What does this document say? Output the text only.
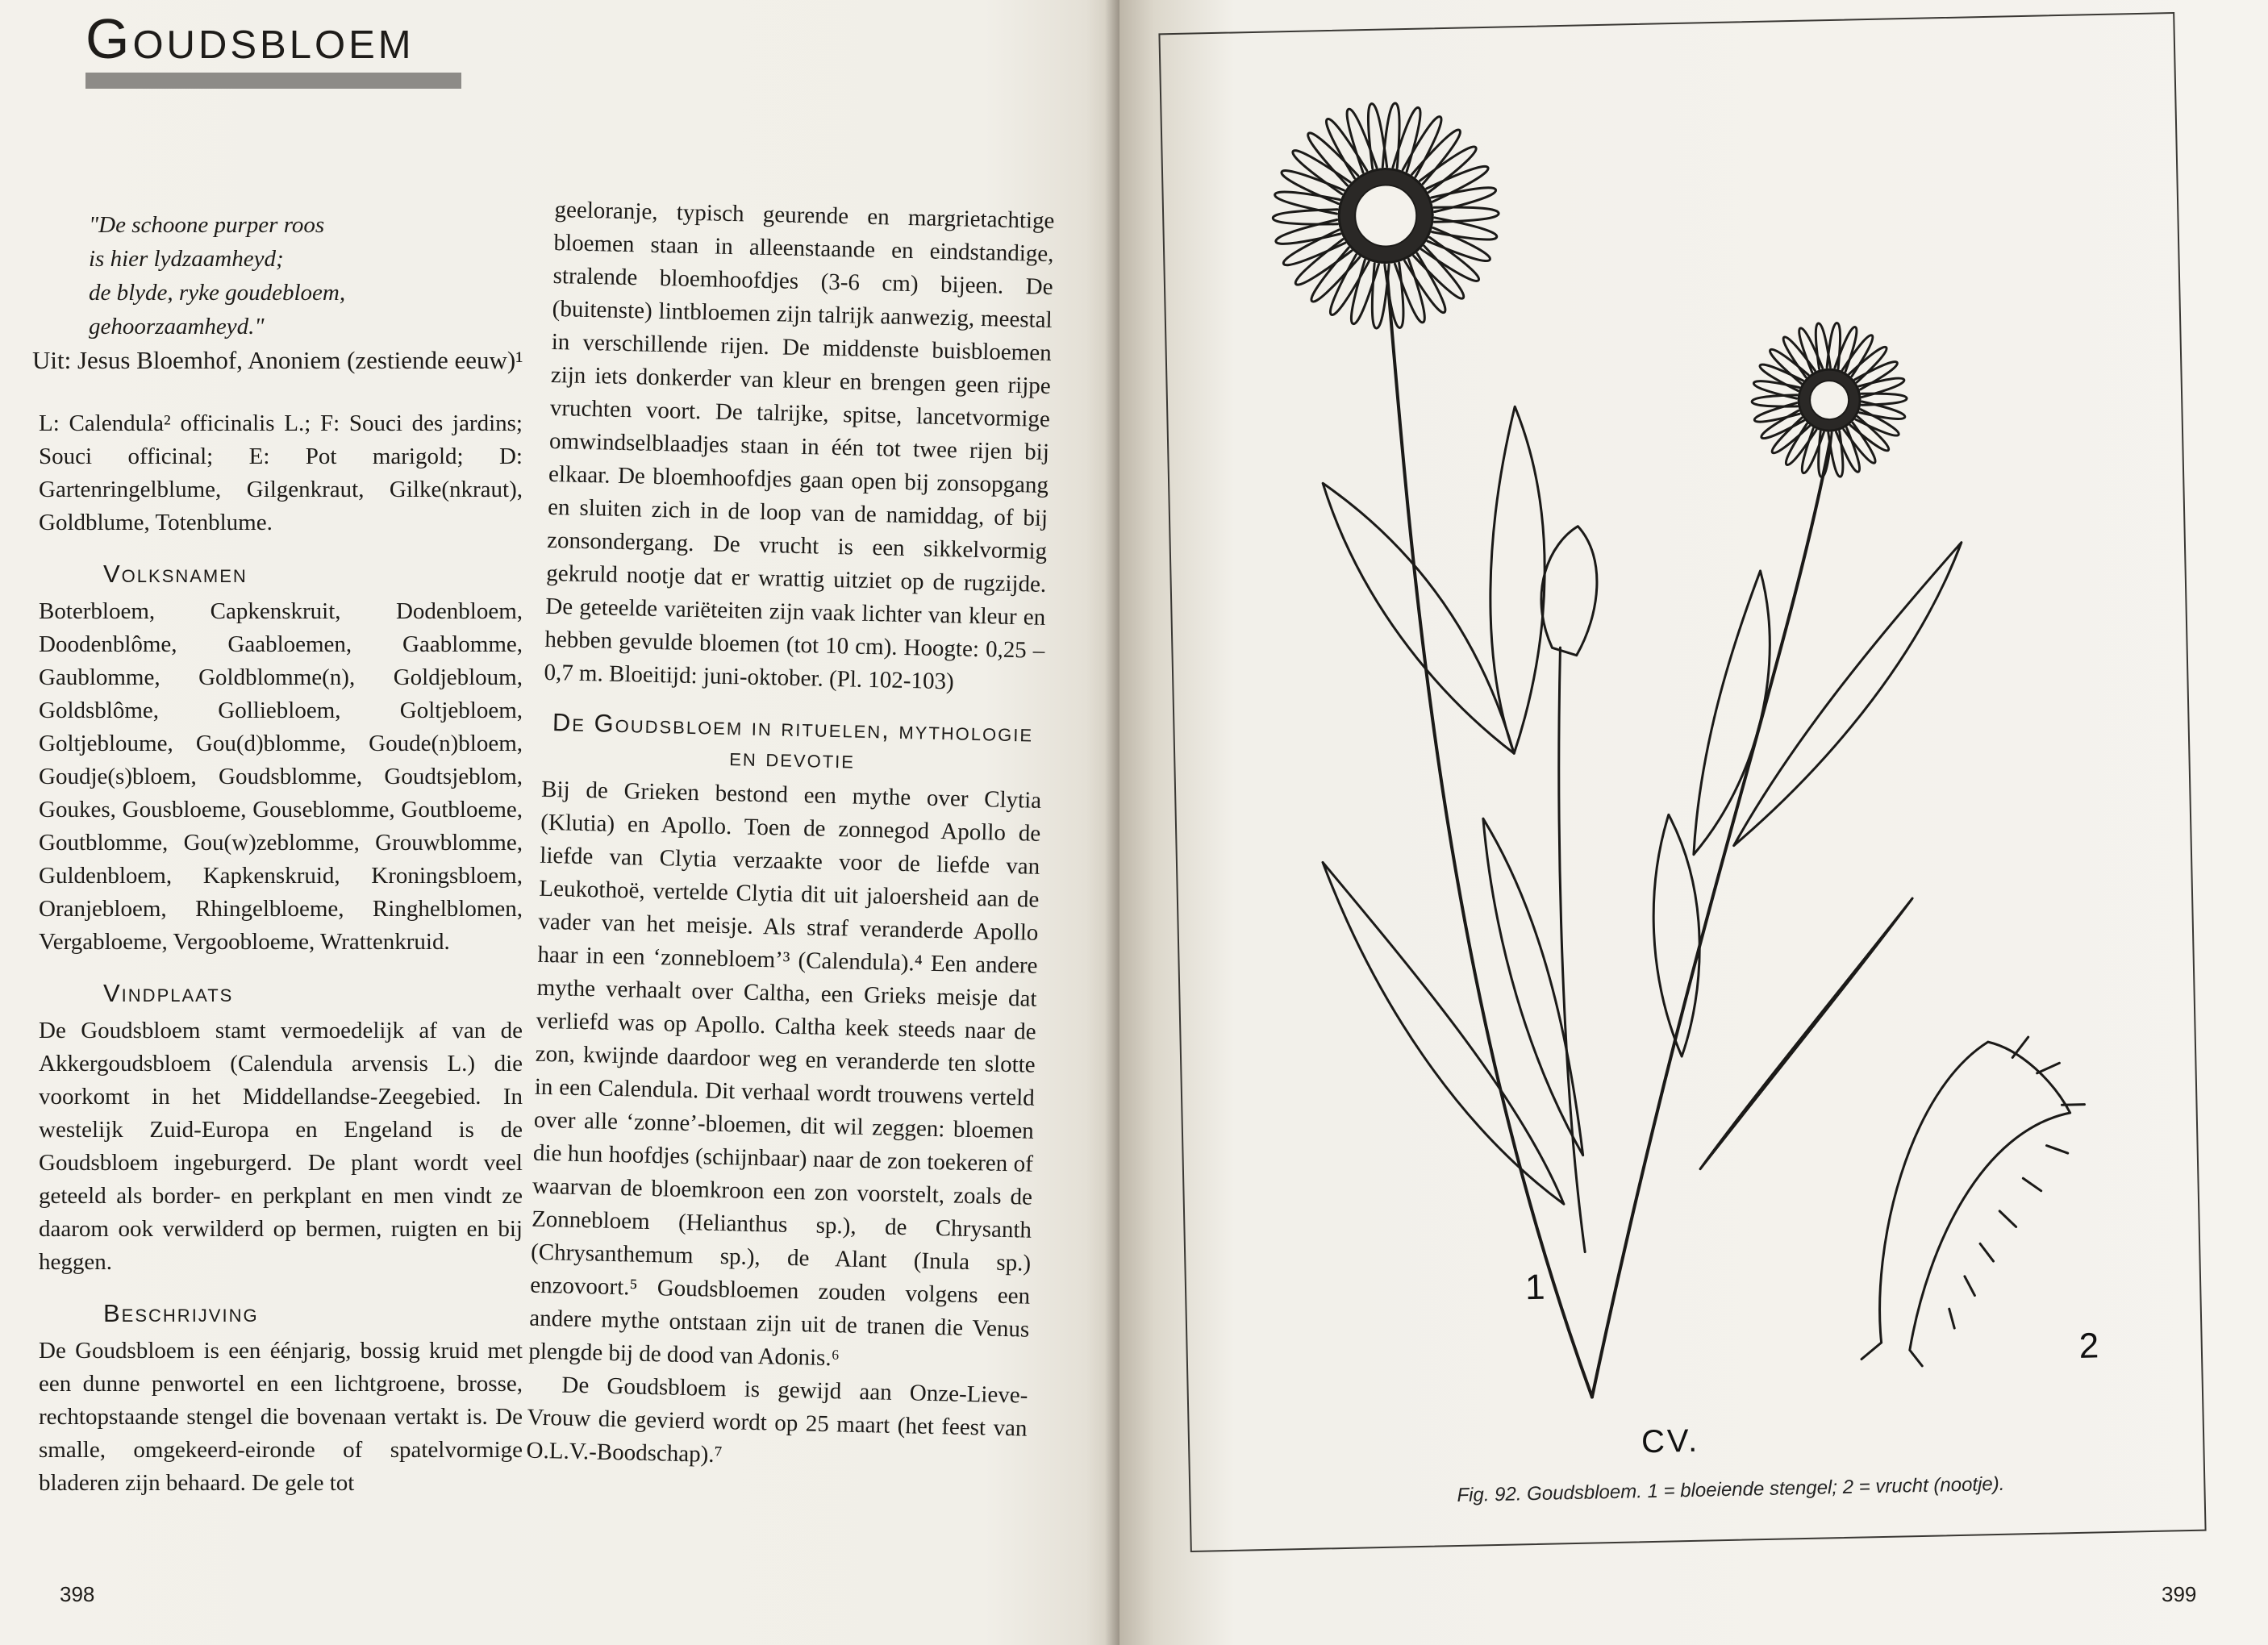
Goudsbloem

"De schoone purper roos

is hier lydzaamheyd;

de blyde, ryke goudebloem,

gehoorzaamheyd."

Uit: Jesus Bloemhof, Anoniem (zestiende eeuw)¹

L: Calendula² officinalis L.; F: Souci des jardins; Souci officinal; E: Pot marigold; D: Gartenringelblume, Gilgenkraut, Gilke(nkraut), Goldblume, Totenblume.

Volksnamen

Boterbloem, Capkenskruit, Dodenbloem, Doodenblôme, Gaabloemen, Gaablomme, Gaublomme, Goldblomme(n), Goldjebloum, Goldsblôme, Golliebloem, Goltjebloem, Goltjebloume, Gou(d)blomme, Goude(n)bloem, Goudje(s)bloem, Goudsblomme, Goudtsjeblom, Goukes, Gousbloeme, Gouseblomme, Goutbloeme, Goutblomme, Gou(w)zeblomme, Grouwblomme, Guldenbloem, Kapkenskruid, Kroningsbloem, Oranjebloem, Rhingelbloeme, Ringhelblomen, Vergabloeme, Vergoobloeme, Wrattenkruid.

Vindplaats

De Goudsbloem stamt vermoedelijk af van de Akkergoudsbloem (Calendula arvensis L.) die voorkomt in het Middellandse-Zeegebied. In westelijk Zuid-Europa en Engeland is de Goudsbloem ingeburgerd. De plant wordt veel geteeld als border- en perkplant en men vindt ze daarom ook verwilderd op bermen, ruigten en bij heggen.

Beschrijving

De Goudsbloem is een éénjarig, bossig kruid met een dunne penwortel en een lichtgroene, brosse, rechtopstaande stengel die bovenaan vertakt is. De smalle, omgekeerd-eironde of spatelvormige bladeren zijn behaard. De gele tot

geeloranje, typisch geurende en margrietachtige bloemen staan in alleenstaande en eindstandige, stralende bloemhoofdjes (3-6 cm) bijeen. De (buitenste) lintbloemen zijn talrijk aanwezig, meestal in verschillende rijen. De middenste buisbloemen zijn iets donkerder van kleur en brengen geen rijpe vruchten voort. De talrijke, spitse, lancetvormige omwindselblaadjes staan in één tot twee rijen bij elkaar. De bloemhoofdjes gaan open bij zonsopgang en sluiten zich in de loop van de namiddag, of bij zonsondergang. De vrucht is een sikkelvormig gekruld nootje dat er wrattig uitziet op de rugzijde. De geteelde variëteiten zijn vaak lichter van kleur en hebben gevulde bloemen (tot 10 cm). Hoogte: 0,25 – 0,7 m. Bloeitijd: juni-oktober. (Pl. 102-103)

De Goudsbloem in rituelen, mythologie en devotie

Bij de Grieken bestond een mythe over Clytia (Klutia) en Apollo. Toen de zonnegod Apollo de liefde van Clytia verzaakte voor de liefde van Leukothoë, vertelde Clytia dit uit jaloersheid aan de vader van het meisje. Als straf veranderde Apollo haar in een ‘zonnebloem’³ (Calendula).⁴ Een andere mythe verhaalt over Caltha, een Grieks meisje dat verliefd was op Apollo. Caltha keek steeds naar de zon, kwijnde daardoor weg en veranderde ten slotte in een Calendula. Dit verhaal wordt trouwens verteld over alle ‘zonne’-bloemen, dit wil zeggen: bloemen die hun hoofdjes (schijnbaar) naar de zon toekeren of waarvan de bloemkroon een zon voorstelt, zoals de Zonnebloem (Helianthus sp.), de Chrysanth (Chrysanthemum sp.), de Alant (Inula sp.) enzovoort.⁵ Goudsbloemen zouden volgens een andere mythe ontstaan zijn uit de tranen die Venus plengde bij de dood van Adonis.⁶

De Goudsbloem is gewijd aan Onze-Lieve-Vrouw die gevierd wordt op 25 maart (het feest van O.L.V.-Boodschap).⁷

398	399
1
2
CV.
Fig. 92. Goudsbloem. 1 = bloeiende stengel; 2 = vrucht (nootje).
